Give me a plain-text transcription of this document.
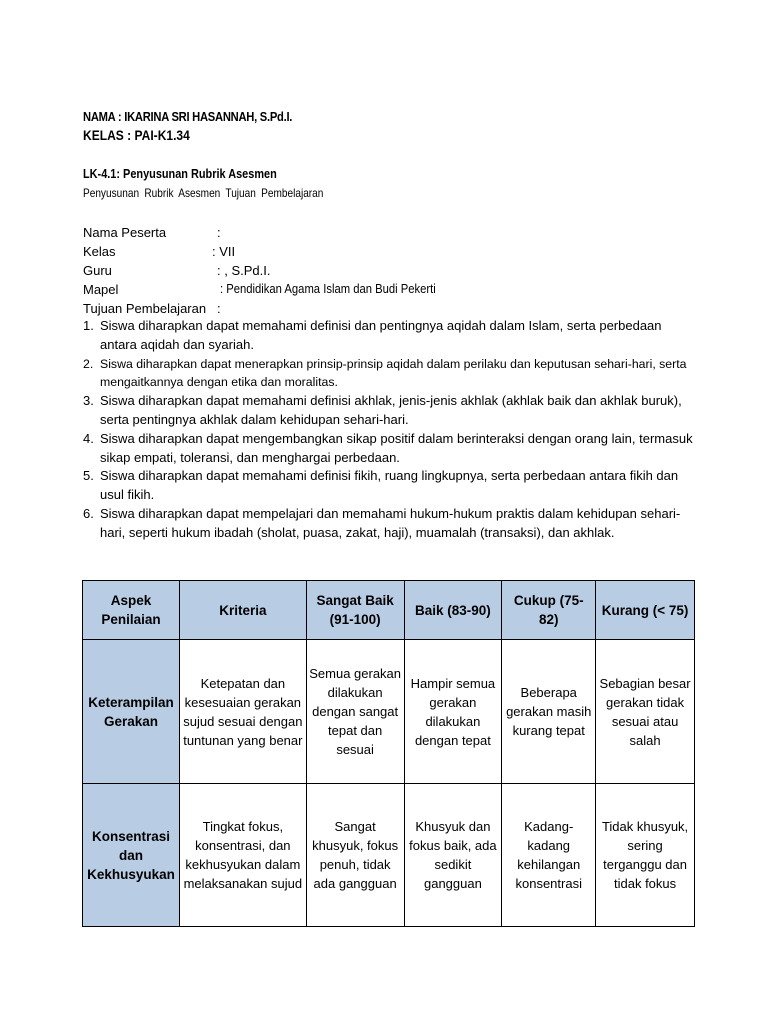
NAMA : IKARINA SRI HASANNAH, S.Pd.I.
KELAS : PAI-K1.34
LK-4.1: Penyusunan Rubrik Asesmen
Penyusunan Rubrik Asesmen Tujuan Pembelajaran
Nama Peserta	:
Kelas	: VII
Guru	: , S.Pd.I.
Mapel	: Pendidikan Agama Islam dan Budi Pekerti
Tujuan Pembelajaran :
1. Siswa diharapkan dapat memahami definisi dan pentingnya aqidah dalam Islam, serta perbedaan antara aqidah dan syariah.
2. Siswa diharapkan dapat menerapkan prinsip-prinsip aqidah dalam perilaku dan keputusan sehari-hari, serta mengaitkannya dengan etika dan moralitas.
3. Siswa diharapkan dapat memahami definisi akhlak, jenis-jenis akhlak (akhlak baik dan akhlak buruk), serta pentingnya akhlak dalam kehidupan sehari-hari.
4. Siswa diharapkan dapat mengembangkan sikap positif dalam berinteraksi dengan orang lain, termasuk sikap empati, toleransi, dan menghargai perbedaan.
5. Siswa diharapkan dapat memahami definisi fikih, ruang lingkupnya, serta perbedaan antara fikih dan usul fikih.
6. Siswa diharapkan dapat mempelajari dan memahami hukum-hukum praktis dalam kehidupan sehari-hari, seperti hukum ibadah (sholat, puasa, zakat, haji), muamalah (transaksi), dan akhlak.
Aspek Penilaian	Kriteria	Sangat Baik (91-100)	Baik (83-90)	Cukup (75-82)	Kurang (< 75)
Keterampilan Gerakan	Ketepatan dan kesesuaian gerakan sujud sesuai dengan tuntunan yang benar	Semua gerakan dilakukan dengan sangat tepat dan sesuai	Hampir semua gerakan dilakukan dengan tepat	Beberapa gerakan masih kurang tepat	Sebagian besar gerakan tidak sesuai atau salah
Konsentrasi dan Kekhusyukan	Tingkat fokus, konsentrasi, dan kekhusyukan dalam melaksanakan sujud	Sangat khusyuk, fokus penuh, tidak ada gangguan	Khusyuk dan fokus baik, ada sedikit gangguan	Kadang-kadang kehilangan konsentrasi	Tidak khusyuk, sering terganggu dan tidak fokus
